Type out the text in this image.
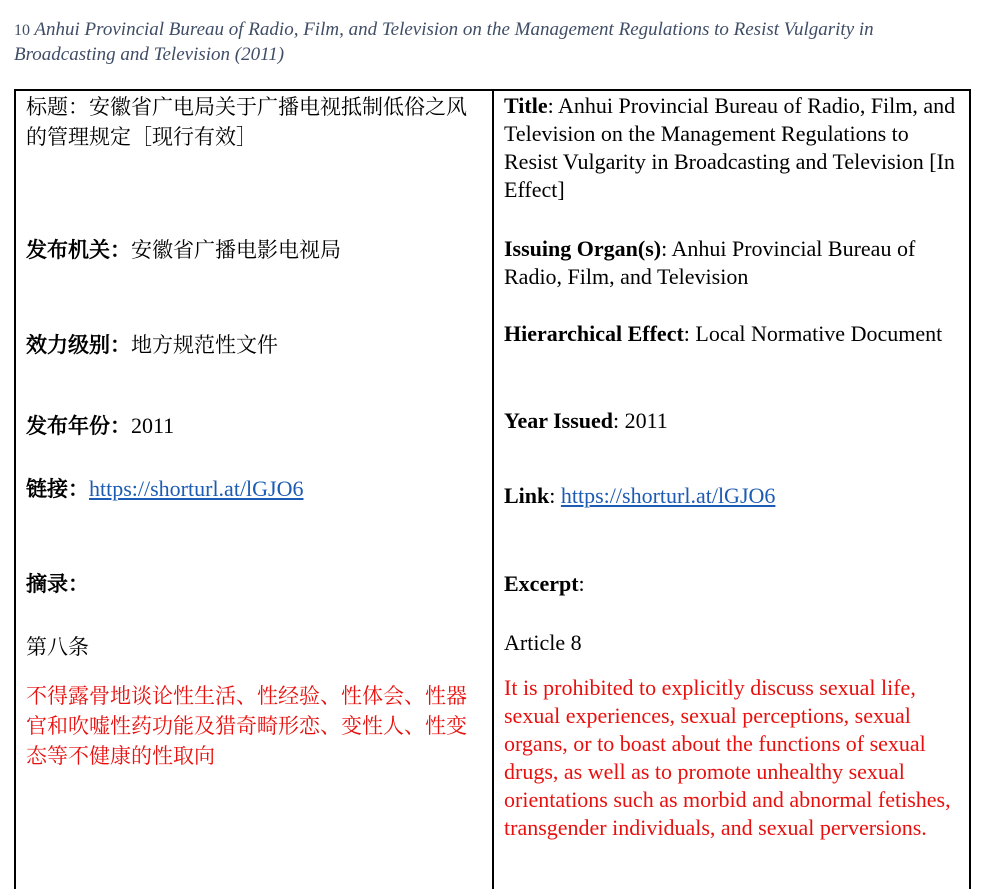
10 Anhui Provincial Bureau of Radio, Film, and Television on the Management Regulations to Resist Vulgarity in Broadcasting and Television (2011)
标题：安徽省广电局关于广播电视抵制低俗之风的管理规定［现行有效］
发布机关：安徽省广播电影电视局
效力级别：地方规范性文件
发布年份：2011
链接：https://shorturl.at/lGJO6
摘录：
第八条
不得露骨地谈论性生活、性经验、性体会、性器官和吹嘘性药功能及猎奇畸形恋、变性人、性变态等不健康的性取向
Title: Anhui Provincial Bureau of Radio, Film, and Television on the Management Regulations to Resist Vulgarity in Broadcasting and Television [In Effect]
Issuing Organ(s): Anhui Provincial Bureau of Radio, Film, and Television
Hierarchical Effect: Local Normative Document
Year Issued: 2011
Link: https://shorturl.at/lGJO6
Excerpt:
Article 8
It is prohibited to explicitly discuss sexual life, sexual experiences, sexual perceptions, sexual organs, or to boast about the functions of sexual drugs, as well as to promote unhealthy sexual orientations such as morbid and abnormal fetishes, transgender individuals, and sexual perversions.
